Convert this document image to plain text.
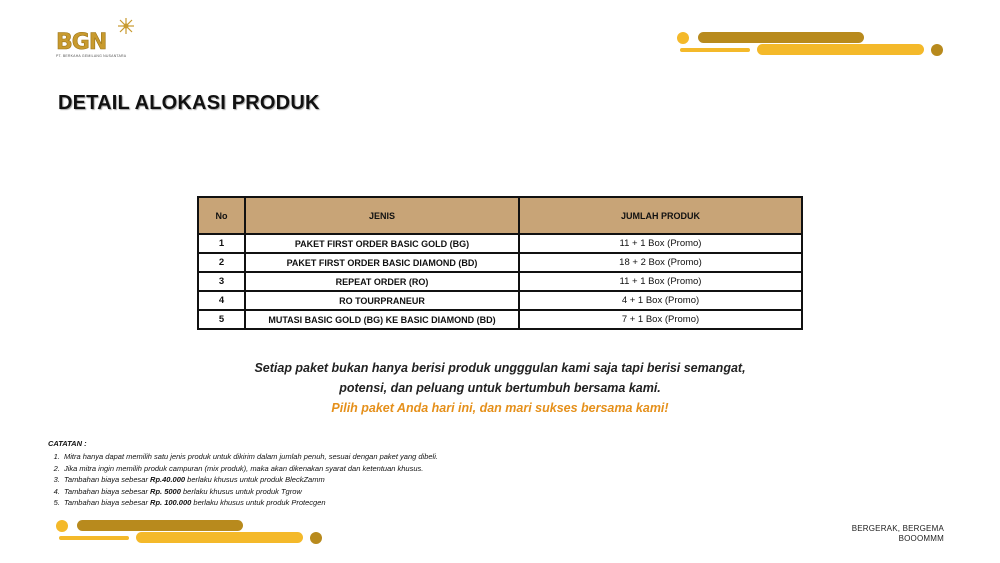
BGN
PT. BERKAHA GEMILANG NUSANTARA
DETAIL ALOKASI PRODUK
No	JENIS	JUMLAH PRODUK
1	PAKET FIRST ORDER BASIC GOLD (BG)	11 + 1 Box (Promo)
2	PAKET FIRST ORDER BASIC DIAMOND (BD)	18 + 2 Box (Promo)
3	REPEAT ORDER (RO)	11 + 1 Box (Promo)
4	RO TOURPRANEUR	4 + 1 Box (Promo)
5	MUTASI BASIC GOLD (BG) KE BASIC DIAMOND (BD)	7 + 1 Box (Promo)
Setiap paket bukan hanya berisi produk ungggulan kami saja tapi berisi semangat,
potensi, dan peluang untuk bertumbuh bersama kami.
Pilih paket Anda hari ini, dan mari sukses bersama kami!
CATATAN :
1. Mitra hanya dapat memilih satu jenis produk untuk dikirim dalam jumlah penuh, sesuai dengan paket yang dibeli.
2. Jika mitra ingin memilih produk campuran (mix produk), maka akan dikenakan syarat dan ketentuan khusus.
3. Tambahan biaya sebesar Rp.40.000 berlaku khusus untuk produk BleckZamm
4. Tambahan biaya sebesar Rp. 5000 berlaku khusus untuk produk Tgrow
5. Tambahan biaya sebesar Rp. 100.000 berlaku khusus untuk produk Protecgen
BERGERAK, BERGEMA
BOOOMMM
